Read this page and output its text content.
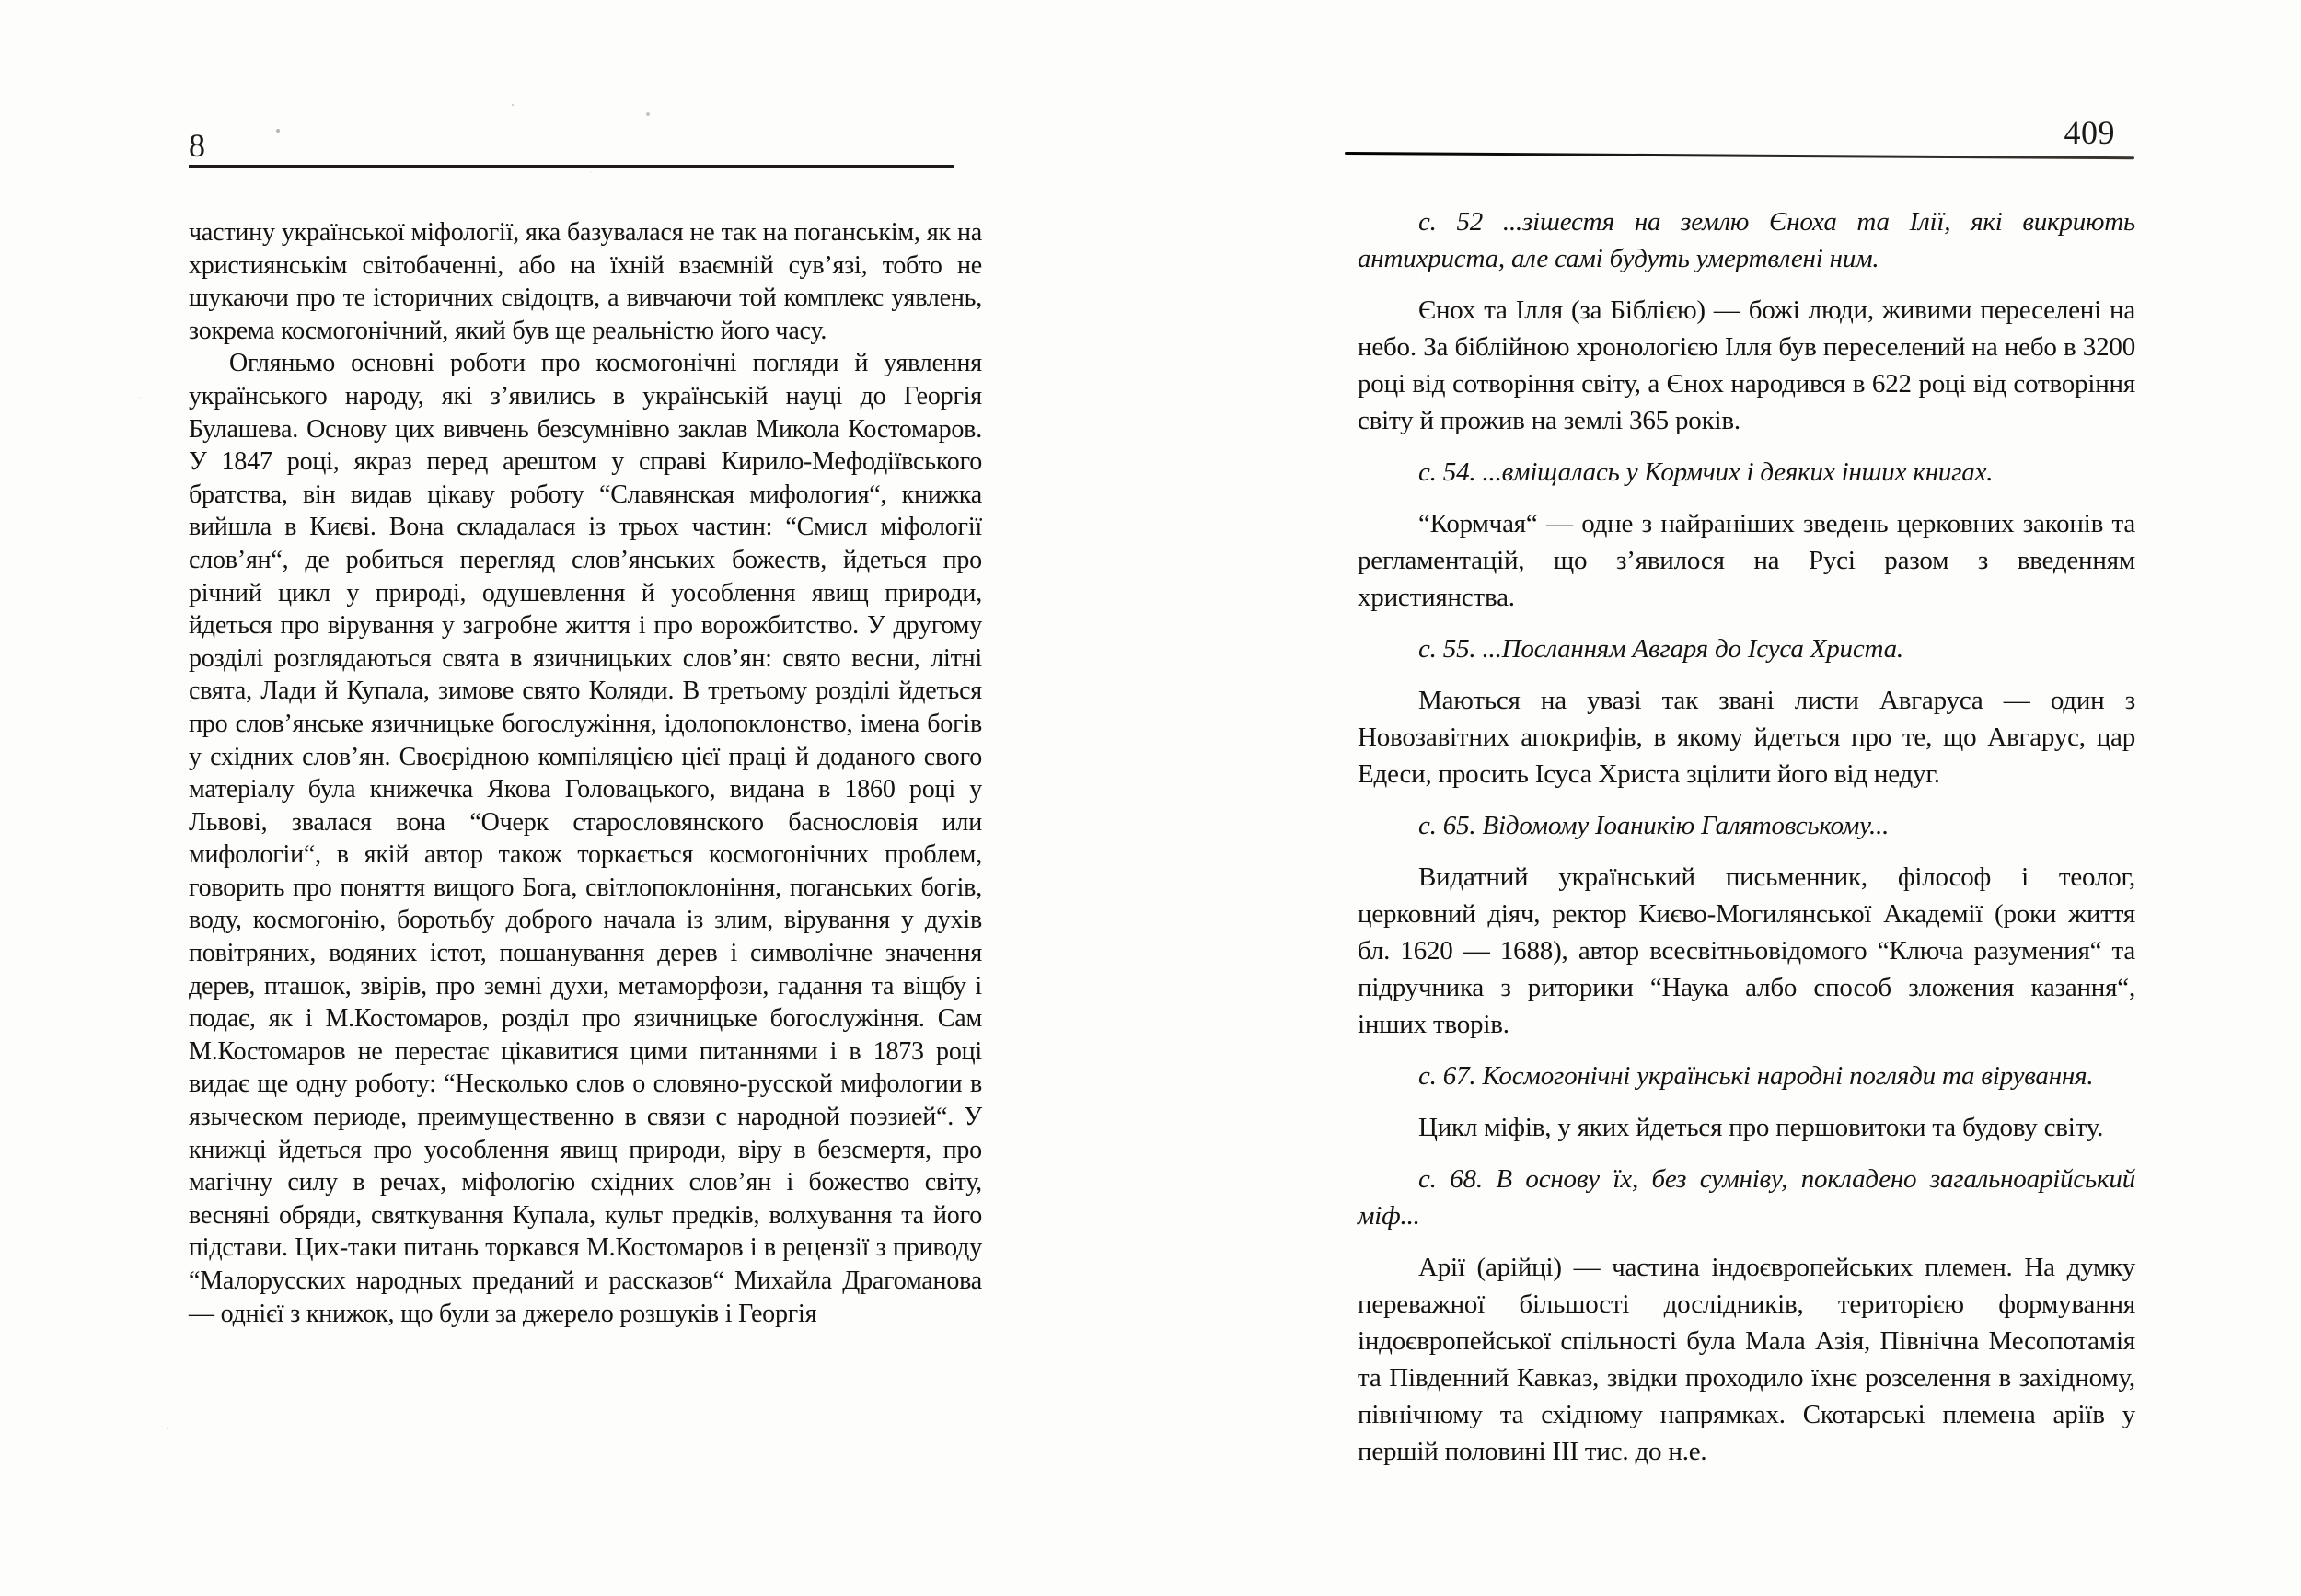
8

частину української міфології, яка базувалася не так на поганськім, як на християнськім світобаченні, або на їхній взаємній сув’язі, тобто не шукаючи про те історичних свідоцтв, а вивчаючи той комплекс уявлень, зокрема космогонічний, який був ще реальністю його часу.

Огляньмо основні роботи про космогонічні погляди й уявлення українського народу, які з’явились в українській науці до Георгія Булашева. Основу цих вивчень безсумнівно заклав Микола Костомаров. У 1847 році, якраз перед арештом у справі Кирило-Мефодіївського братства, він видав цікаву роботу “Славянская мифология“, книжка вийшла в Києві. Вона складалася із трьох частин: “Смисл міфології слов’ян“, де робиться перегляд слов’янських божеств, йдеться про річний цикл у природі, одушевлення й уособлення явищ природи, йдеться про вірування у загробне життя і про ворожбитство. У другому розділі розглядаються свята в язичницьких слов’ян: свято весни, літні свята, Лади й Купала, зимове свято Коляди. В третьому розділі йдеться про слов’янське язичницьке богослужіння, ідолопоклонство, імена богів у східних слов’ян. Своєрідною компіляцією цієї праці й доданого свого матеріалу була книжечка Якова Головацького, видана в 1860 році у Львові, звалася вона “Очерк старословянского баснословія или мифологіи“, в якій автор також торкається космогонічних проблем, говорить про поняття вищого Бога, світлопоклоніння, поганських богів, воду, космогонію, боротьбу доброго начала із злим, вірування у духів повітряних, водяних істот, пошанування дерев і символічне значення дерев, пташок, звірів, про земні духи, метаморфози, гадання та віщбу і подає, як і М.Костомаров, розділ про язичницьке богослужіння. Сам М.Костомаров не перестає цікавитися цими питаннями і в 1873 році видає ще одну роботу: “Несколько слов о словяно-русской мифологии в языческом периоде, преимущественно в связи с народной поэзией“. У книжці йдеться про уособлення явищ природи, віру в безсмертя, про магічну силу в речах, міфологію східних слов’ян і божество світу, весняні обряди, святкування Купала, культ предків, волхування та його підстави. Цих-таки питань торкався М.Костомаров і в рецензії з приводу “Малорусских народных преданий и рассказов“ Михайла Драгоманова — однієї з книжок, що були за джерело розшуків і Георгія

409

с. 52 ...зішестя на землю Єноха та Ілії, які викриють антихриста, але самі будуть умертвлені ним.

Єнох та Ілля (за Біблією) — божі люди, живими переселені на небо. За біблійною хронологією Ілля був переселений на небо в 3200 році від сотворіння світу, а Єнох народився в 622 році від сотворіння світу й прожив на землі 365 років.

с. 54. ...вміщалась у Кормчих і деяких інших книгах.

“Кормчая“ — одне з найраніших зведень церковних законів та регламентацій, що з’явилося на Русі разом з введенням християнства.

с. 55. ...Посланням Авгаря до Ісуса Христа.

Маються на увазі так звані листи Авгаруса — один з Новозавітних апокрифів, в якому йдеться про те, що Авгарус, цар Едеси, просить Ісуса Христа зцілити його від недуг.

с. 65. Відомому Іоаникію Галятовському...

Видатний український письменник, філософ і теолог, церковний діяч, ректор Києво-Могилянської Академії (роки життя бл. 1620 — 1688), автор всесвітньовідомого “Ключа разумения“ та підручника з риторики “Наука албо способ зложения казання“, інших творів.

с. 67. Космогонічні українські народні погляди та вірування.

Цикл міфів, у яких йдеться про першовитоки та будову світу.

с. 68. В основу їх, без сумніву, покладено загальноарійський міф...

Арії (арійці) — частина індоєвропейських племен. На думку переважної більшості дослідників, територією формування індоєвропейської спільності була Мала Азія, Північна Месопотамія та Південний Кавказ, звідки проходило їхнє розселення в західному, північному та східному напрямках. Скотарські племена аріїв у першій половині III тис. до н.е.
